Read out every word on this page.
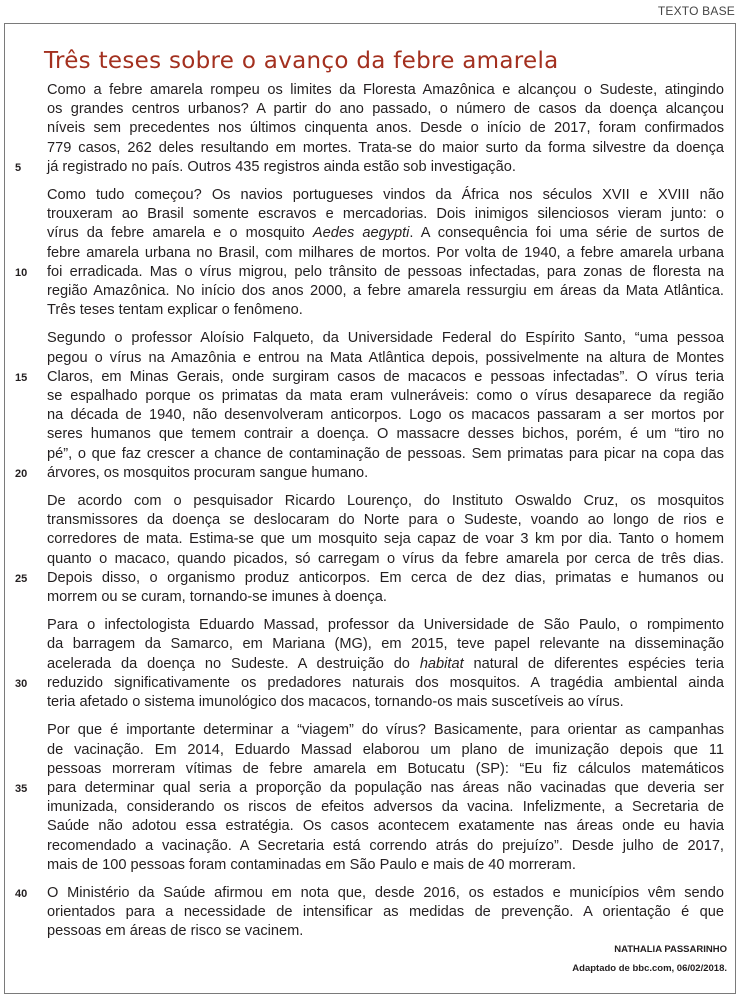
TEXTO BASE
Três teses sobre o avanço da febre amarela
Como a febre amarela rompeu os limites da Floresta Amazônica e alcançou o Sudeste, atingindo
os grandes centros urbanos? A partir do ano passado, o número de casos da doença alcançou
níveis sem precedentes nos últimos cinquenta anos. Desde o início de 2017, foram confirmados
779 casos, 262 deles resultando em mortes. Trata-se do maior surto da forma silvestre da doença
já registrado no país. Outros 435 registros ainda estão sob investigação.
5
Como tudo começou? Os navios portugueses vindos da África nos séculos XVII e XVIII não
trouxeram ao Brasil somente escravos e mercadorias. Dois inimigos silenciosos vieram junto: o
vírus da febre amarela e o mosquito Aedes aegypti. A consequência foi uma série de surtos de
febre amarela urbana no Brasil, com milhares de mortos. Por volta de 1940, a febre amarela urbana
foi erradicada. Mas o vírus migrou, pelo trânsito de pessoas infectadas, para zonas de floresta na
10
região Amazônica. No início dos anos 2000, a febre amarela ressurgiu em áreas da Mata Atlântica.
Três teses tentam explicar o fenômeno.
Segundo o professor Aloísio Falqueto, da Universidade Federal do Espírito Santo, “uma pessoa
pegou o vírus na Amazônia e entrou na Mata Atlântica depois, possivelmente na altura de Montes
Claros, em Minas Gerais, onde surgiram casos de macacos e pessoas infectadas”. O vírus teria
15
se espalhado porque os primatas da mata eram vulneráveis: como o vírus desaparece da região
na década de 1940, não desenvolveram anticorpos. Logo os macacos passaram a ser mortos por
seres humanos que temem contrair a doença. O massacre desses bichos, porém, é um “tiro no
pé”, o que faz crescer a chance de contaminação de pessoas. Sem primatas para picar na copa das
árvores, os mosquitos procuram sangue humano.
20
De acordo com o pesquisador Ricardo Lourenço, do Instituto Oswaldo Cruz, os mosquitos
transmissores da doença se deslocaram do Norte para o Sudeste, voando ao longo de rios e
corredores de mata. Estima-se que um mosquito seja capaz de voar 3 km por dia. Tanto o homem
quanto o macaco, quando picados, só carregam o vírus da febre amarela por cerca de três dias.
Depois disso, o organismo produz anticorpos. Em cerca de dez dias, primatas e humanos ou
25
morrem ou se curam, tornando-se imunes à doença.
Para o infectologista Eduardo Massad, professor da Universidade de São Paulo, o rompimento
da barragem da Samarco, em Mariana (MG), em 2015, teve papel relevante na disseminação
acelerada da doença no Sudeste. A destruição do habitat natural de diferentes espécies teria
reduzido significativamente os predadores naturais dos mosquitos. A tragédia ambiental ainda
30
teria afetado o sistema imunológico dos macacos, tornando-os mais suscetíveis ao vírus.
Por que é importante determinar a “viagem” do vírus? Basicamente, para orientar as campanhas
de vacinação. Em 2014, Eduardo Massad elaborou um plano de imunização depois que 11
pessoas morreram vítimas de febre amarela em Botucatu (SP): “Eu fiz cálculos matemáticos
para determinar qual seria a proporção da população nas áreas não vacinadas que deveria ser
35
imunizada, considerando os riscos de efeitos adversos da vacina. Infelizmente, a Secretaria de
Saúde não adotou essa estratégia. Os casos acontecem exatamente nas áreas onde eu havia
recomendado a vacinação. A Secretaria está correndo atrás do prejuízo”. Desde julho de 2017,
mais de 100 pessoas foram contaminadas em São Paulo e mais de 40 morreram.
O Ministério da Saúde afirmou em nota que, desde 2016, os estados e municípios vêm sendo
40
orientados para a necessidade de intensificar as medidas de prevenção. A orientação é que
pessoas em áreas de risco se vacinem.
NATHALIA PASSARINHO
Adaptado de bbc.com, 06/02/2018.
